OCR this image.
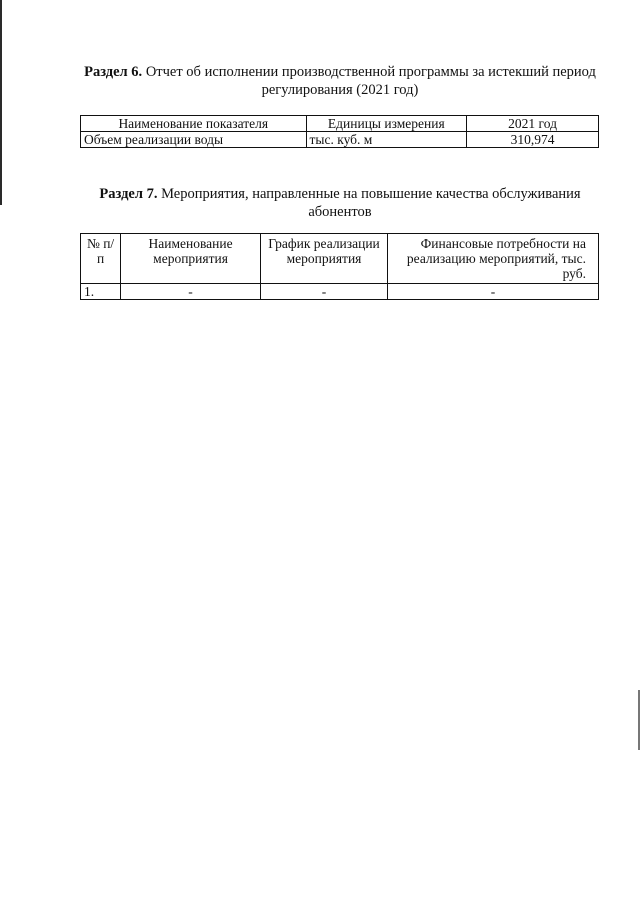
Раздел 6. Отчет об исполнении производственной программы за истекший период регулирования (2021 год)
Наименование показателя	Единицы измерения	2021 год
Объем реализации воды	тыс. куб. м	310,974
Раздел 7. Мероприятия, направленные на повышение качества обслуживания абонентов
№ п/п	Наименование мероприятия	График реализации мероприятия	Финансовые потребности на реализацию мероприятий, тыс. руб.
1.	-	-	-
